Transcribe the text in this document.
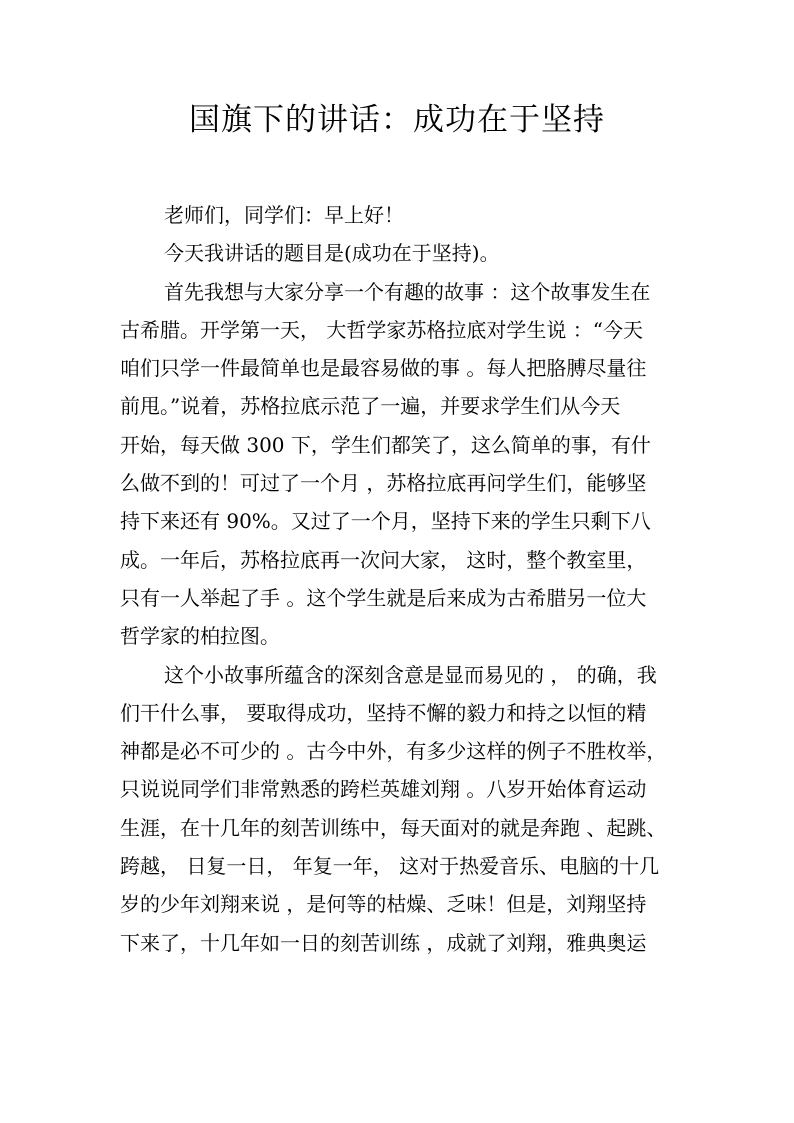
国旗下的讲话：成功在于坚持
老师们，同学们：早上好！
今天我讲话的题目是(成功在于坚持)。
首先我想与大家分享一个有趣的故事 ：这个故事发生在
古希腊。开学第一天， 大哲学家苏格拉底对学生说 ：“今天
咱们只学一件最简单也是最容易做的事 。每人把胳膊尽量往
前甩。”说着，苏格拉底示范了一遍，并要求学生们从今天
开始，每天做 300 下，学生们都笑了，这么简单的事，有什
么做不到的！可过了一个月 ，苏格拉底再问学生们，能够坚
持下来还有 90%。又过了一个月，坚持下来的学生只剩下八
成。一年后，苏格拉底再一次问大家， 这时，整个教室里，
只有一人举起了手 。这个学生就是后来成为古希腊另一位大
哲学家的柏拉图。
这个小故事所蕴含的深刻含意是显而易见的 ， 的确，我
们干什么事， 要取得成功，坚持不懈的毅力和持之以恒的精
神都是必不可少的 。古今中外，有多少这样的例子不胜枚举，
只说说同学们非常熟悉的跨栏英雄刘翔 。八岁开始体育运动
生涯，在十几年的刻苦训练中，每天面对的就是奔跑 、起跳、
跨越， 日复一日， 年复一年， 这对于热爱音乐、电脑的十几
岁的少年刘翔来说 ，是何等的枯燥、乏味！但是，刘翔坚持
下来了，十几年如一日的刻苦训练 ，成就了刘翔，雅典奥运
